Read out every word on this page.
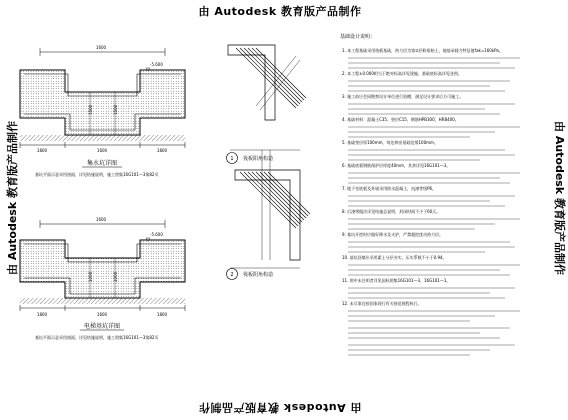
由 Autodesk 教育版产品制作
由 Autodesk 教育版产品制作
由 Autodesk 教育版产品制作	由 Autodesk 教育版产品制作
1600
1500	1500
-5.600
1800	1600	1800
集水坑详图
基坑平面示意采用剖面，详见结施说明，施工图集16G101—3第82页
1600
1000	1000
-5.600
1800	1600	1800
电梯基坑详图
基坑平面示意采用剖面，详见结施说明，施工图集16G101—3第82页
1 筏板阳角构造
2 筏板阴角构造
基础设计说明：
1. 本工程基础采用筏板基础，持力层为第②层粉质粘土，地基承载力特征值fak=160kPa。
2. 本工程±0.000相当于绝对标高详见建施，基础底标高详见各图。
3. 施工前应会同勘察设计单位进行验槽，满足设计要求后方可施工。
4. 基础材料：混凝土C35，垫层C15，钢筋HPB300、HRB400。
5. 基础垫层厚100mm，每边伸出基础边缘100mm。
6. 基础底板钢筋保护层厚度40mm，其余详见16G101—3。
7. 地下室底板及外墙采用防水混凝土，抗渗等级P6。
8. 后浇带做法详见结施总说明，封闭时间不少于60天。
9. 基坑开挖时应做好降水及支护，严禁超挖扰动持力层。
10. 基坑回填应采用素土分层夯实，压实系数不小于0.94。
11. 图中未注明者详见国标图集16G101—3、16G101—1。
12. 未尽事宜按国家现行有关规范规程执行。
